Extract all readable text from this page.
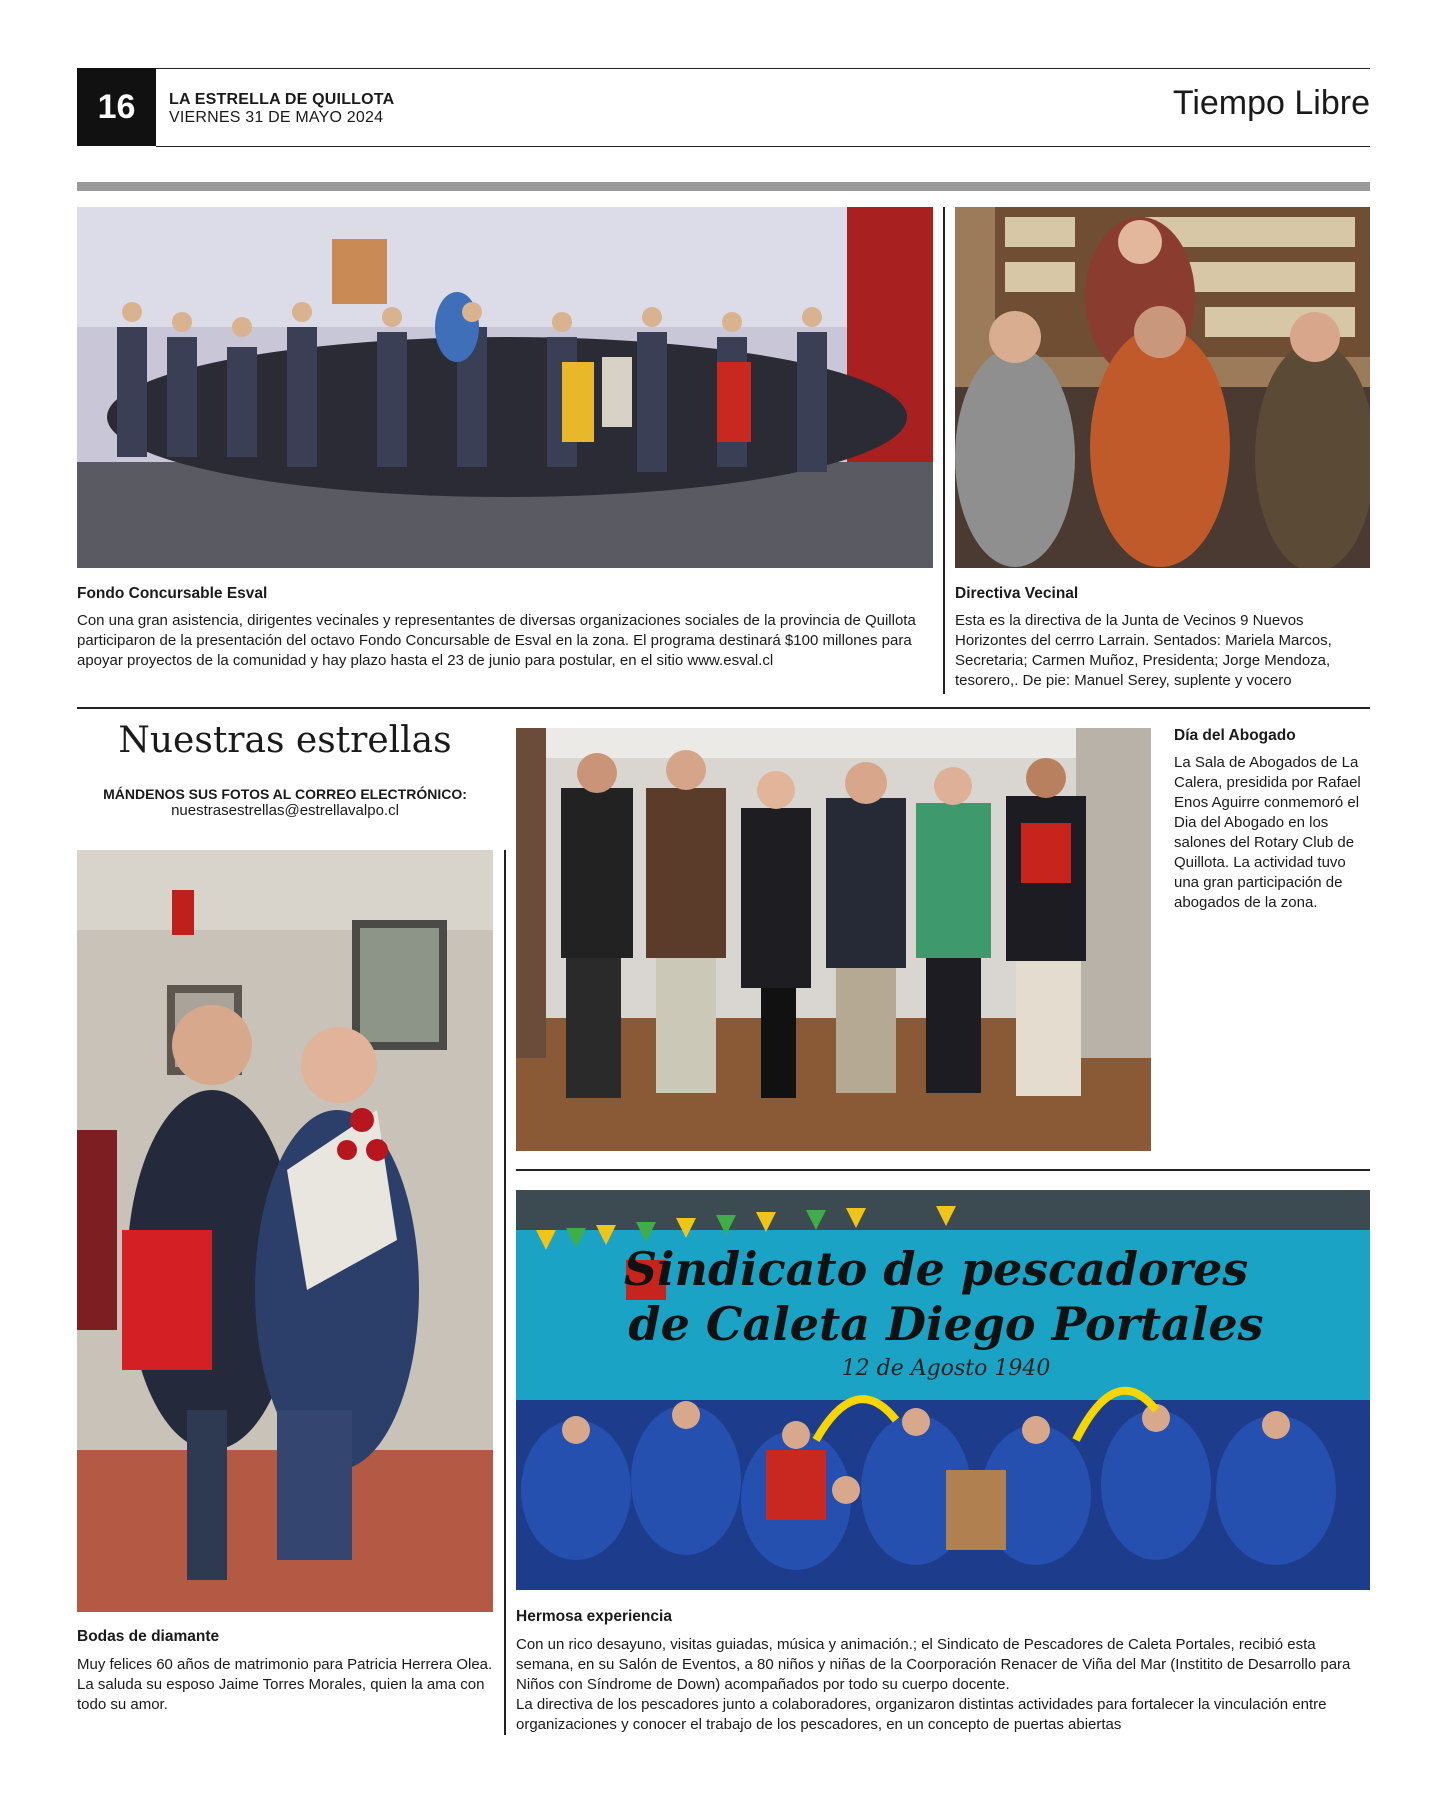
16	LA ESTRELLA DE QUILLOTA
VIERNES 31 DE MAYO 2024	Tiempo Libre
Fondo Concursable Esval
Con una gran asistencia, dirigentes vecinales y representantes de diversas organizaciones sociales de la provincia de Quillota participaron de la presentación del octavo Fondo Concursable de Esval en la zona. El programa destinará $100 millones para apoyar proyectos de la comunidad y hay plazo hasta el 23 de junio para postular, en el sitio www.esval.cl
Directiva Vecinal
Esta es la directiva de la Junta de Vecinos 9 Nuevos Horizontes del cerrro Larrain. Sentados: Mariela Marcos, Secretaria; Carmen Muñoz, Presidenta; Jorge Mendoza, tesorero,. De pie: Manuel Serey, suplente y vocero
Nuestras estrellas
MÁNDENOS SUS FOTOS AL CORREO ELECTRÓNICO:
nuestrasestrellas@estrellavalpo.cl
Día del Abogado
La Sala de Abogados de La Calera, presidida por Rafael Enos Aguirre conmemoró el Dia del Abogado en los salones del Rotary Club de Quillota. La actividad tuvo una gran participación de abogados de la zona.
Sindicato de pescadores
de Caleta Diego Portales
12 de Agosto 1940
Bodas de diamante
Muy felices 60 años de matrimonio para Patricia Herrera Olea. La saluda su esposo Jaime Torres Morales, quien la ama con todo su amor.
Hermosa experiencia

Con un rico desayuno, visitas guiadas, música y animación.; el Sindicato de Pescadores de Caleta Portales, recibió esta semana, en su Salón de Eventos, a 80 niños y niñas de la Coorporación Renacer de Viña del Mar (Institito de Desarrollo para Niños con Síndrome de Down) acompañados por todo su cuerpo docente.

La directiva de los pescadores junto a colaboradores, organizaron distintas actividades para fortalecer la vinculación entre organizaciones y conocer el trabajo de los pescadores, en un concepto de puertas abiertas
